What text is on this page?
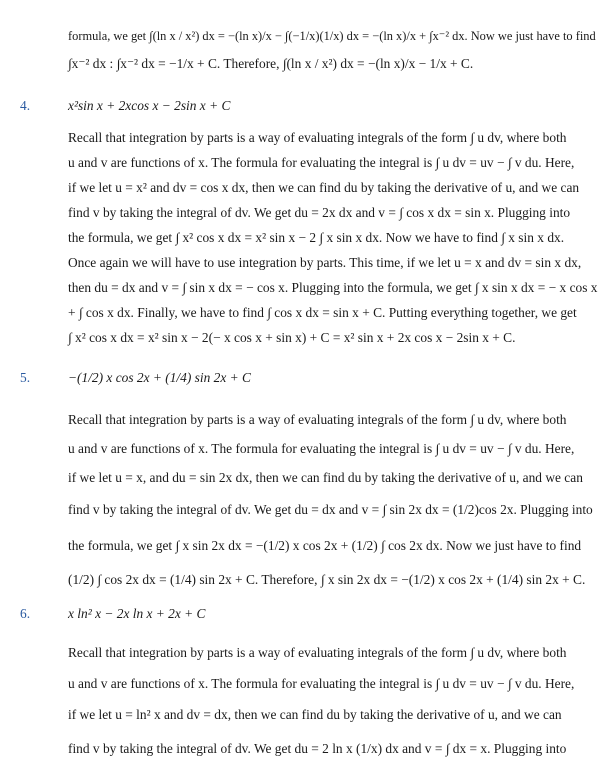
formula, we get ∫(ln x / x²) dx = −(ln x)/x − ∫(−1/x)(1/x) dx = −(ln x)/x + ∫x⁻² dx. Now we just have to find
∫x⁻² dx : ∫x⁻² dx = −1/x + C. Therefore, ∫(ln x / x²) dx = −(ln x)/x − 1/x + C.
4.	x²sin x + 2xcos x − 2sin x + C
Recall that integration by parts is a way of evaluating integrals of the form ∫ u dv, where both
u and v are functions of x. The formula for evaluating the integral is ∫ u dv = uv − ∫ v du. Here,
if we let u = x² and dv = cos x dx, then we can find du by taking the derivative of u, and we can
find v by taking the integral of dv. We get du = 2x dx and v = ∫ cos x dx = sin x. Plugging into
the formula, we get ∫ x² cos x dx = x² sin x − 2 ∫ x sin x dx. Now we have to find ∫ x sin x dx.
Once again we will have to use integration by parts. This time, if we let u = x and dv = sin x dx,
then du = dx and v = ∫ sin x dx = − cos x. Plugging into the formula, we get ∫ x sin x dx = − x cos x
+ ∫ cos x dx. Finally, we have to find ∫ cos x dx = sin x + C. Putting everything together, we get
∫ x² cos x dx = x² sin x − 2(− x cos x + sin x) + C = x² sin x + 2x cos x − 2sin x + C.
5.	−(1/2) x cos 2x + (1/4) sin 2x + C
Recall that integration by parts is a way of evaluating integrals of the form ∫ u dv, where both
u and v are functions of x. The formula for evaluating the integral is ∫ u dv = uv − ∫ v du. Here,
if we let u = x, and du = sin 2x dx, then we can find du by taking the derivative of u, and we can
find v by taking the integral of dv. We get du = dx and v = ∫ sin 2x dx = (1/2)cos 2x. Plugging into
the formula, we get ∫ x sin 2x dx = −(1/2) x cos 2x + (1/2) ∫ cos 2x dx. Now we just have to find
(1/2) ∫ cos 2x dx = (1/4) sin 2x + C. Therefore, ∫ x sin 2x dx = −(1/2) x cos 2x + (1/4) sin 2x + C.
6.	x ln² x − 2x ln x + 2x + C
Recall that integration by parts is a way of evaluating integrals of the form ∫ u dv, where both
u and v are functions of x. The formula for evaluating the integral is ∫ u dv = uv − ∫ v du. Here,
if we let u = ln² x and dv = dx, then we can find du by taking the derivative of u, and we can
find v by taking the integral of dv. We get du = 2 ln x (1/x) dx and v = ∫ dx = x. Plugging into
